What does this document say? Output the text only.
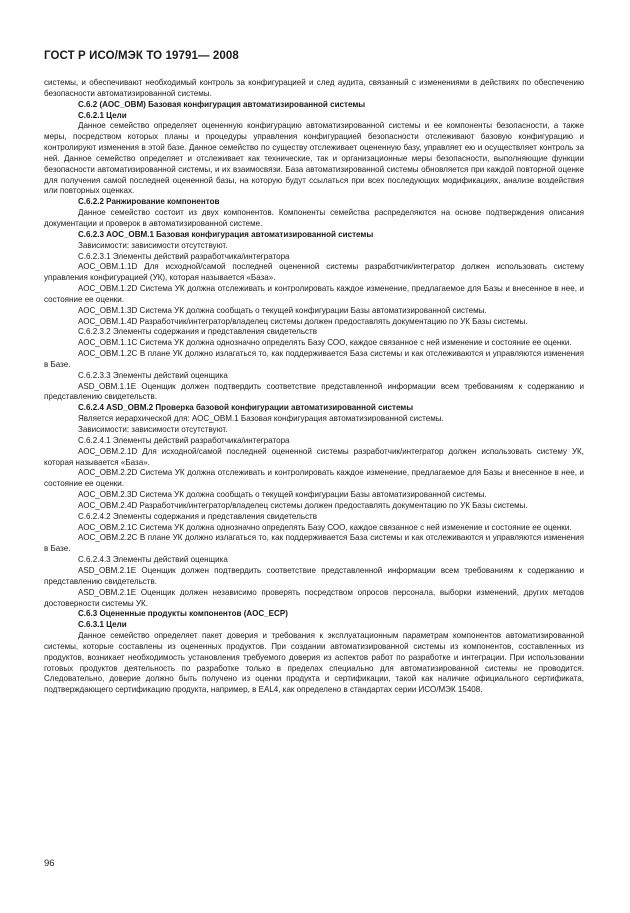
ГОСТ Р ИСО/МЭК ТО 19791— 2008

системы, и обеспечивают необходимый контроль за конфигурацией и след аудита, связанный с изменениями в действиях по обеспечению безопасности автоматизированной системы.

С.6.2 (АОС_ОВМ) Базовая конфигурация автоматизированной системы

С.6.2.1 Цели

Данное семейство определяет оцененную конфигурацию автоматизированной системы и ее компоненты безопасности, а также меры, посредством которых планы и процедуры управления конфигурацией безопасности отслеживают базовую конфигурацию и контролируют изменения в этой базе. Данное семейство по существу отслеживает оцененную базу, управляет ею и осуществляет контроль за ней. Данное семейство определяет и отслеживает как технические, так и организационные меры безопасности, выполняющие функции безопасности автоматизированной системы, и их взаимосвязи. База автоматизированной системы обновляется при каждой повторной оценке для получения самой последней оцененной базы, на которую будут ссылаться при всех последующих модификациях, анализе воздействия или повторных оценках.

С.6.2.2 Ранжирование компонентов

Данное семейство состоит из двух компонентов. Компоненты семейства распределяются на основе подтверждения описания документации и проверок в автоматизированной системе.

С.6.2.3 АОС_ОВМ.1 Базовая конфигурация автоматизированной системы

Зависимости: зависимости отсутствуют.

С.6.2.3.1 Элементы действий разработчика/интегратора

АОС_ОВМ.1.1D Для исходной/самой последней оцененной системы разработчик/интегратор должен использовать систему управления конфигурацией (УК), которая называется «База».

АОС_ОВМ.1.2D Система УК должна отслеживать и контролировать каждое изменение, предлагаемое для Базы и внесенное в нее, и состояние ее оценки.

АОС_ОВМ.1.3D Система УК должна сообщать о текущей конфигурации Базы автоматизированной системы.

АОС_ОВМ.1.4D Разработчик/интегратор/владелец системы должен предоставлять документацию по УК Базы системы.

С.6.2.3.2 Элементы содержания и представления свидетельств

АОС_ОВМ.1.1С Система УК должна однозначно определять Базу СОО, каждое связанное с ней изменение и состояние ее оценки.

АОС_ОВМ.1.2С В плане УК должно излагаться то, как поддерживается База системы и как отслеживаются и управляются изменения в Базе.

С.6.2.3.3 Элементы действий оценщика

ASD_ОВМ.1.1Е Оценщик должен подтвердить соответствие представленной информации всем требованиям к содержанию и представлению свидетельств.

С.6.2.4 ASD_ОВМ.2 Проверка базовой конфигурации автоматизированной системы

Является иерархической для: АОС_ОВМ.1 Базовая конфигурация автоматизированной системы.

Зависимости: зависимости отсутствуют.

С.6.2.4.1 Элементы действий разработчика/интегратора

АОС_ОВМ.2.1D Для исходной/самой последней оцененной системы разработчик/интегратор должен использовать систему УК, которая называется «База».

АОС_ОВМ.2.2D Система УК должна отслеживать и контролировать каждое изменение, предлагаемое для Базы и внесенное в нее, и состояние ее оценки.

АОС_ОВМ.2.3D Система УК должна сообщать о текущей конфигурации Базы автоматизированной системы.

АОС_ОВМ.2.4D Разработчик/интегратор/владелец системы должен предоставлять документацию по УК Базы системы.

С.6.2.4.2 Элементы содержания и представления свидетельств

АОС_ОВМ.2.1С Система УК должна однозначно определять Базу СОО, каждое связанное с ней изменение и состояние ее оценки.

АОС_ОВМ.2.2С В плане УК должно излагаться то, как поддерживается База системы и как отслеживаются и управляются изменения в Базе.

С.6.2.4.3 Элементы действий оценщика

ASD_ОВМ.2.1Е Оценщик должен подтвердить соответствие представленной информации всем требованиям к содержанию и представлению свидетельств.

ASD_ОВМ.2.1Е Оценщик должен независимо проверять посредством опросов персонала, выборки изменений, других методов достоверности системы УК.

С.6.3 Оцененные продукты компонентов (АОС_ЕСР)

С.6.3.1 Цели

Данное семейство определяет пакет доверия и требования к эксплуатационным параметрам компонентов автоматизированной системы, которые составлены из оцененных продуктов. При создании автоматизированной системы из компонентов, составленных из продуктов, возникает необходимость установления требуемого доверия из аспектов работ по разработке и интеграции. При использовании готовых продуктов деятельность по разработке только в пределах специально для автоматизированной системы не проводится. Следовательно, доверие должно быть получено из оценки продукта и сертификации, такой как наличие официального сертификата, подтверждающего сертификацию продукта, например, в EAL4, как определено в стандартах серии ИСО/МЭК 15408.

96
